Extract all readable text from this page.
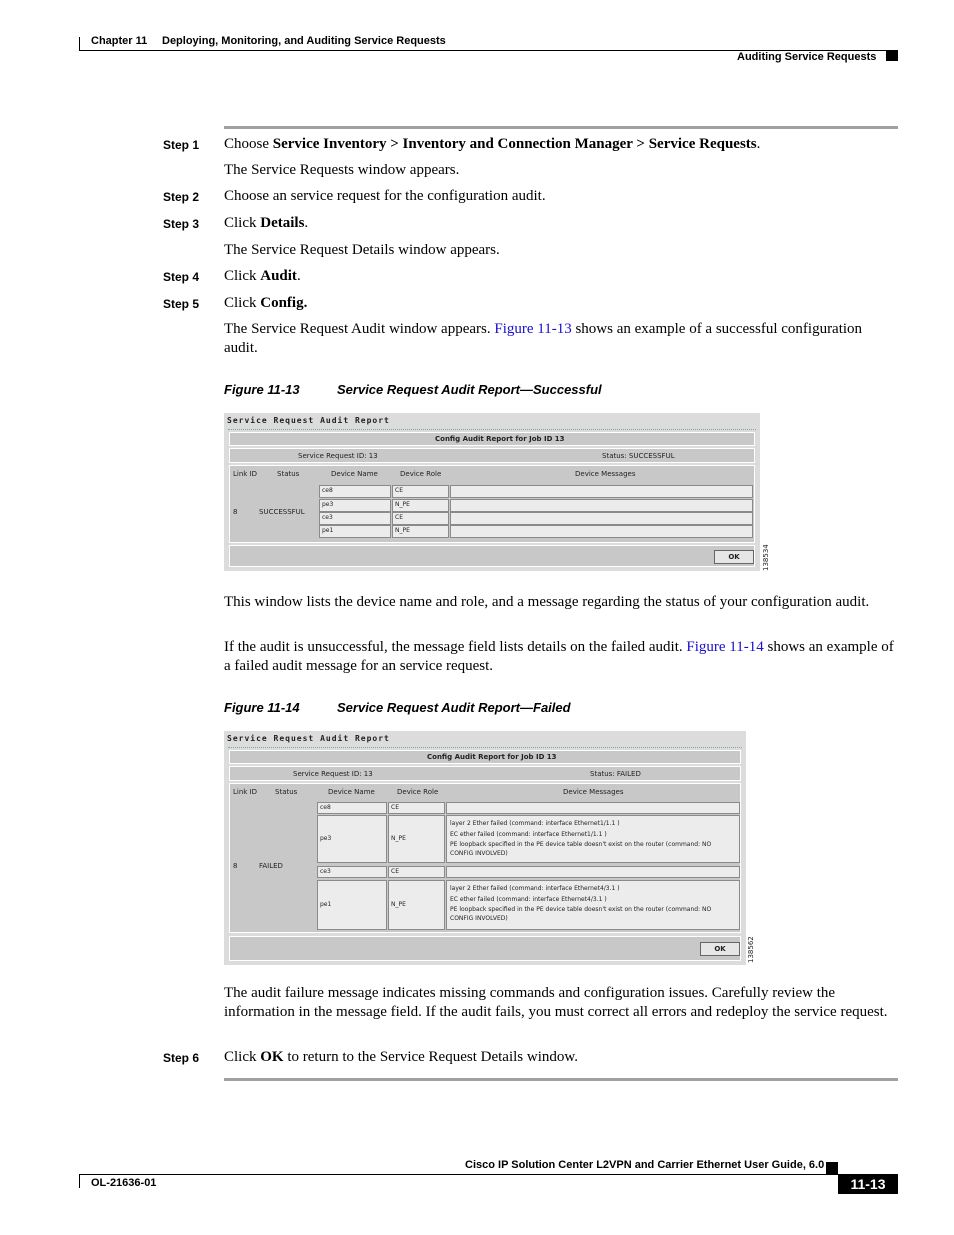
Chapter 11 Deploying, Monitoring, and Auditing Service Requests
Auditing Service Requests
Step 1 Choose Service Inventory > Inventory and Connection Manager > Service Requests.
The Service Requests window appears.
Step 2 Choose an service request for the configuration audit.
Step 3 Click Details.
The Service Request Details window appears.
Step 4 Click Audit.
Step 5 Click Config.
The Service Request Audit window appears. Figure 11-13 shows an example of a successful configuration audit.
Figure 11-13	Service Request Audit Report—Successful
Service Request Audit Report
Config Audit Report for Job ID 13
Service Request ID: 13	Status: SUCCESSFUL
Link ID	Status	Device Name	Device Role	Device Messages
8	SUCCESSFUL
ce8	CE
pe3	N_PE
ce3	CE
pe1	N_PE
OK	138534
This window lists the device name and role, and a message regarding the status of your configuration audit.
If the audit is unsuccessful, the message field lists details on the failed audit. Figure 11-14 shows an example of a failed audit message for an service request.
Figure 11-14	Service Request Audit Report—Failed
Service Request Audit Report
Config Audit Report for Job ID 13
Service Request ID: 13	Status: FAILED
Link ID	Status	Device Name	Device Role	Device Messages
8	FAILED
ce8	CE
pe3	N_PE
layer 2 Ether failed (command: interface Ethernet1/1.1 )
EC ether failed (command: interface Ethernet1/1.1 )
PE loopback specified in the PE device table doesn't exist on the router (command: NO CONFIG INVOLVED)
ce3	CE
pe1	N_PE
layer 2 Ether failed (command: interface Ethernet4/3.1 )
EC ether failed (command: interface Ethernet4/3.1 )
PE loopback specified in the PE device table doesn't exist on the router (command: NO CONFIG INVOLVED)
OK	138562
The audit failure message indicates missing commands and configuration issues. Carefully review the information in the message field. If the audit fails, you must correct all errors and redeploy the service request.
Step 6 Click OK to return to the Service Request Details window.
Cisco IP Solution Center L2VPN and Carrier Ethernet User Guide, 6.0
OL-21636-01	11-13
